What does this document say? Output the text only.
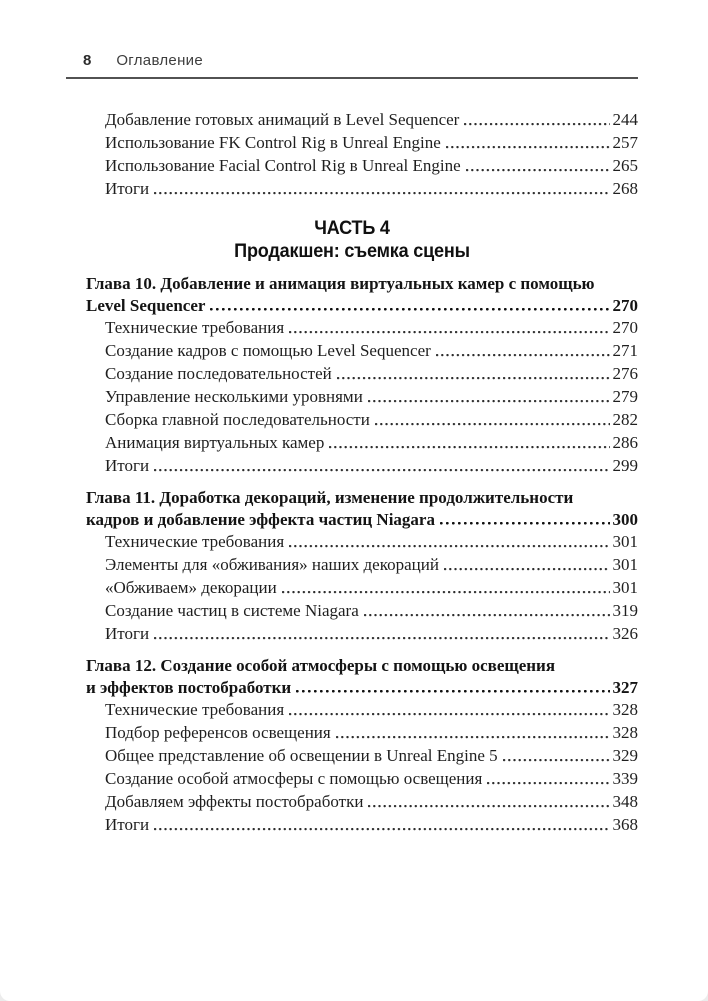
8 Оглавление
Добавление готовых анимаций в Level Sequencer	244
Использование FK Control Rig в Unreal Engine	257
Использование Facial Control Rig в Unreal Engine	265
Итоги	268
ЧАСТЬ 4
Продакшен: съемка сцены
Глава 10. Добавление и анимация виртуальных камер с помощью
Level Sequencer	270
Технические требования	270
Создание кадров с помощью Level Sequencer	271
Создание последовательностей	276
Управление несколькими уровнями	279
Сборка главной последовательности	282
Анимация виртуальных камер	286
Итоги	299
Глава 11. Доработка декораций, изменение продолжительности
кадров и добавление эффекта частиц Niagara	300
Технические требования	301
Элементы для «обживания» наших декораций	301
«Обживаем» декорации	301
Создание частиц в системе Niagara	319
Итоги	326
Глава 12. Создание особой атмосферы с помощью освещения
и эффектов постобработки	327
Технические требования	328
Подбор референсов освещения	328
Общее представление об освещении в Unreal Engine 5	329
Создание особой атмосферы с помощью освещения	339
Добавляем эффекты постобработки	348
Итоги	368
